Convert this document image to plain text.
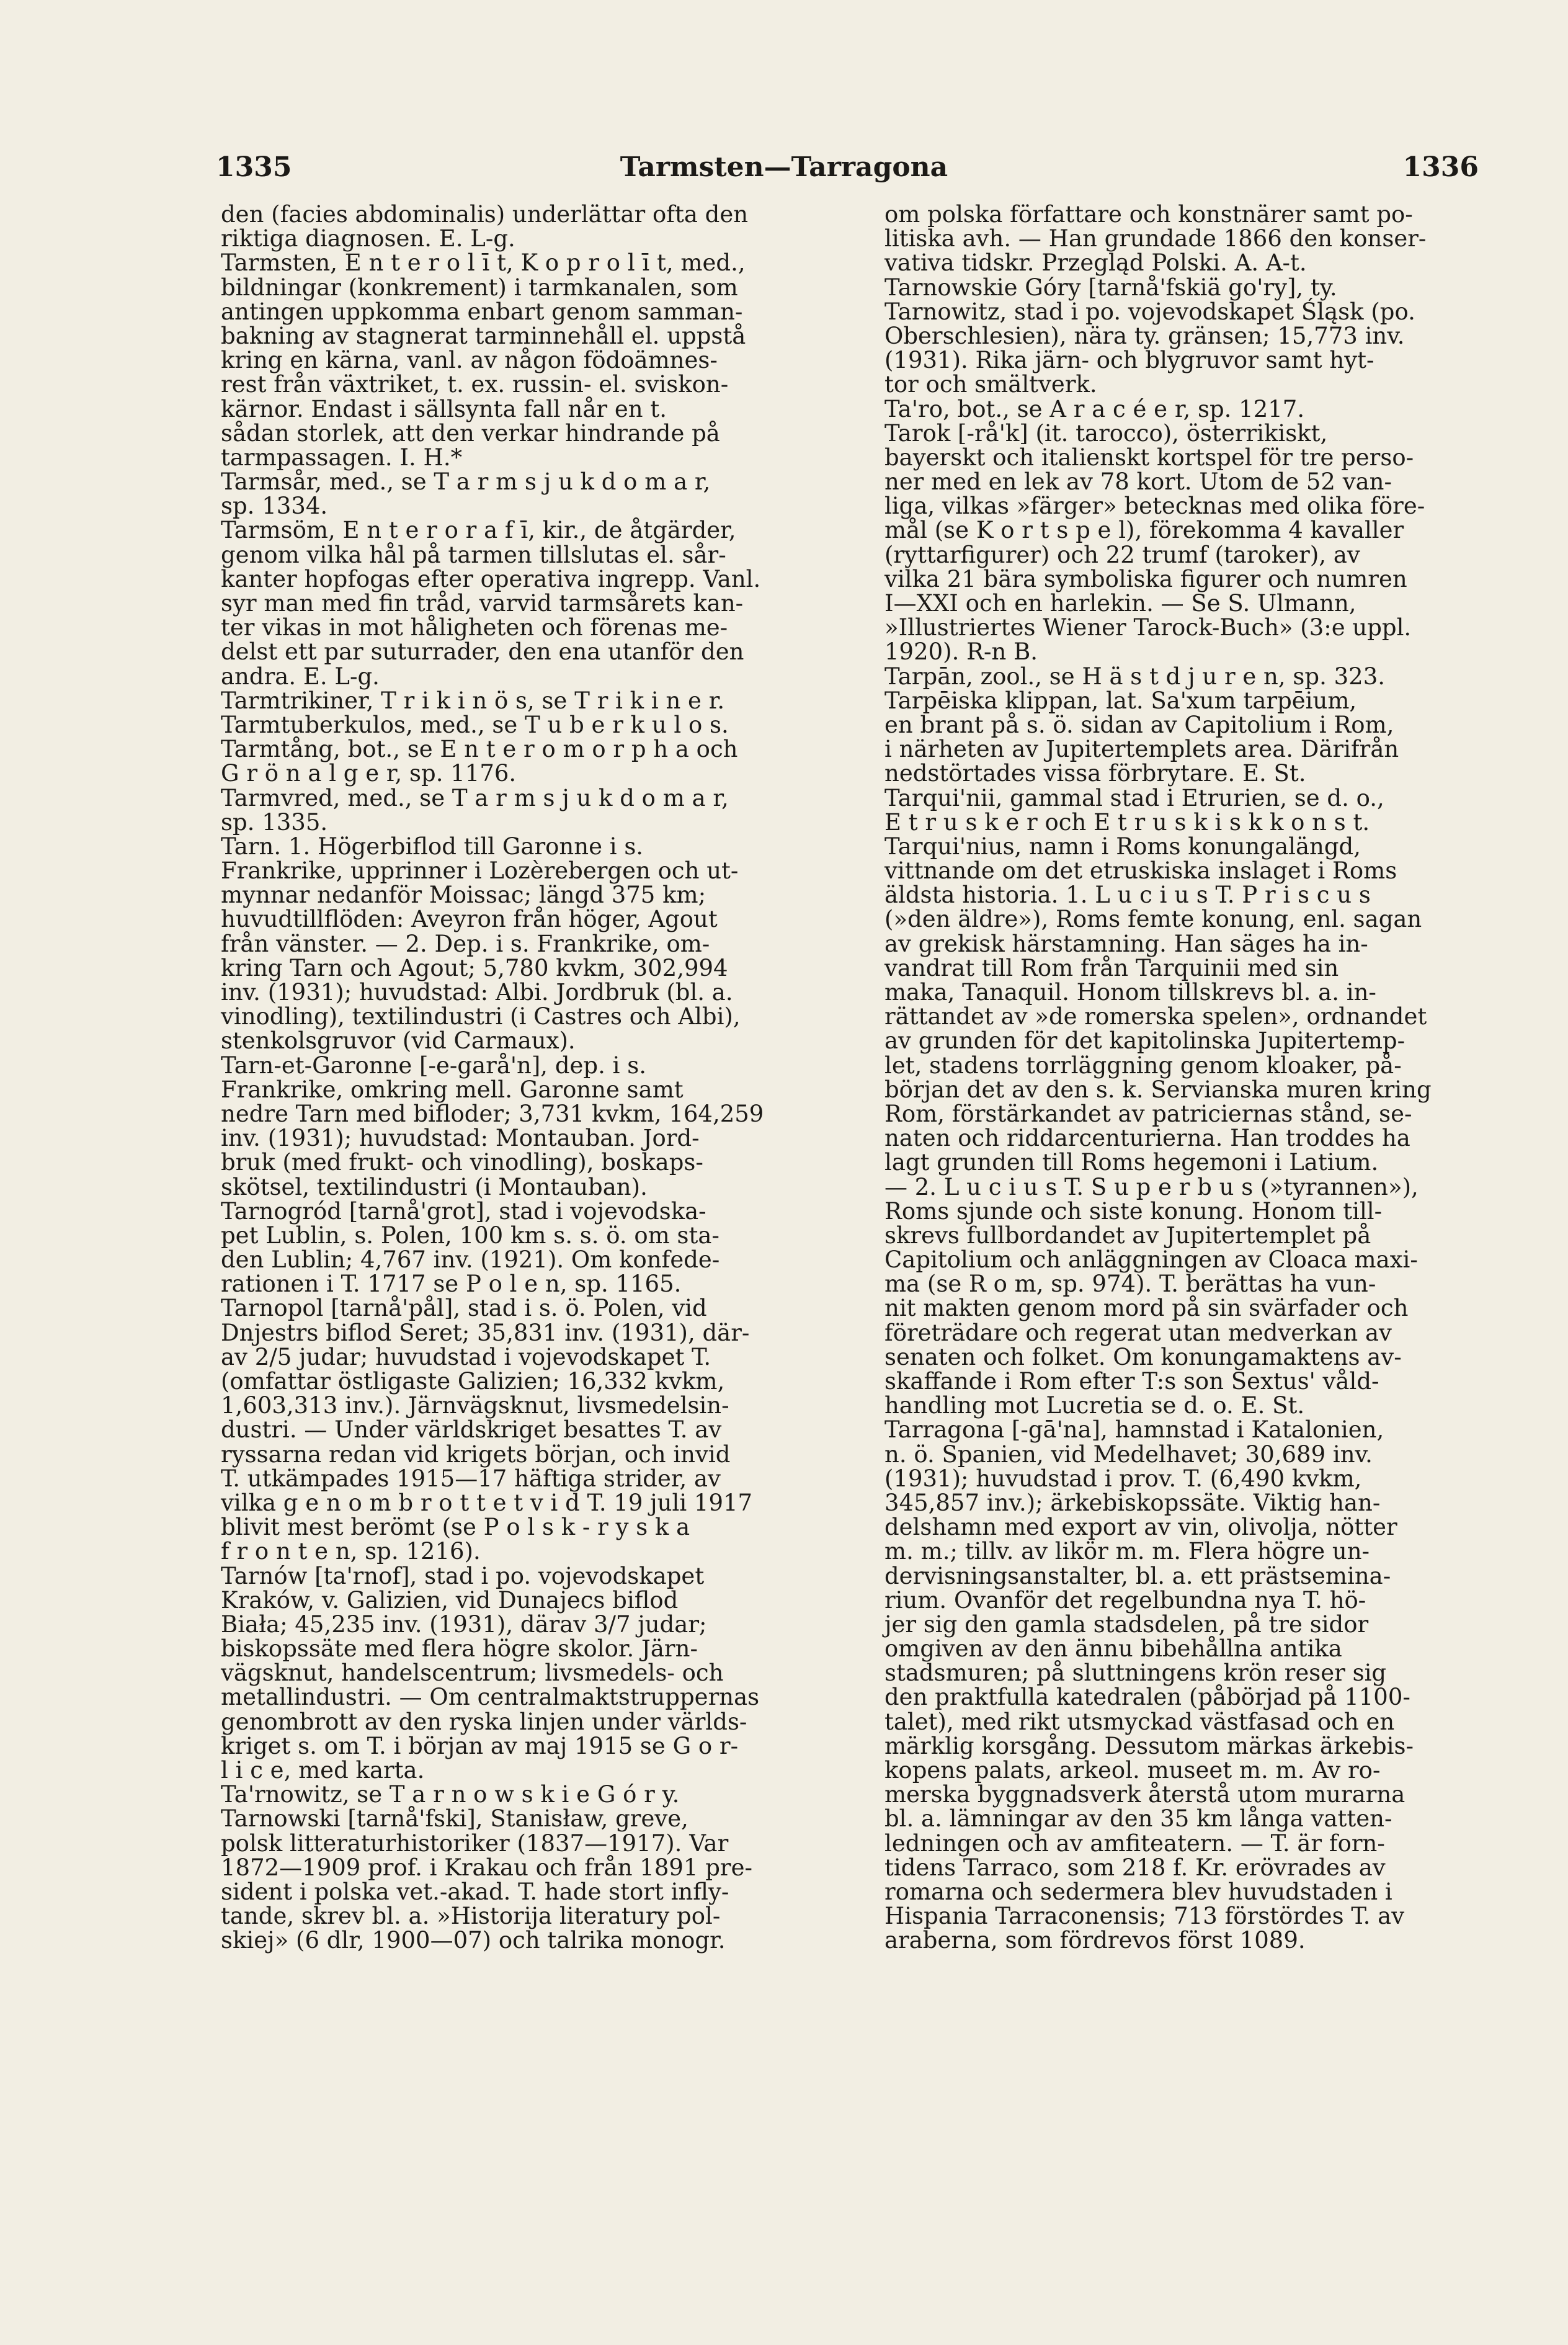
1335	Tarmsten—Tarragona	1336
den (facies abdominalis) underlättar ofta den
riktiga diagnosen. E. L-g.
Tarmsten, E n t e r o l ī t, K o p r o l ī t, med.,
bildningar (konkrement) i tarmkanalen, som
antingen uppkomma enbart genom samman-
bakning av stagnerat tarminnehåll el. uppstå
kring en kärna, vanl. av någon födoämnes-
rest från växtriket, t. ex. russin- el. sviskon-
kärnor. Endast i sällsynta fall når en t.
sådan storlek, att den verkar hindrande på
tarmpassagen. I. H.*
Tarmsår, med., se T a r m s j u k d o m a r,
sp. 1334.
Tarmsöm, E n t e r o r a f ī, kir., de åtgärder,
genom vilka hål på tarmen tillslutas el. sår-
kanter hopfogas efter operativa ingrepp. Vanl.
syr man med fin tråd, varvid tarmsårets kan-
ter vikas in mot håligheten och förenas me-
delst ett par suturrader, den ena utanför den
andra. E. L-g.
Tarmtrikiner, T r i k i n ö s, se T r i k i n e r.
Tarmtuberkulos, med., se T u b e r k u l o s.
Tarmtång, bot., se E n t e r o m o r p h a och
G r ö n a l g e r, sp. 1176.
Tarmvred, med., se T a r m s j u k d o m a r,
sp. 1335.
Tarn. 1. Högerbiflod till Garonne i s.
Frankrike, upprinner i Lozèrebergen och ut-
mynnar nedanför Moissac; längd 375 km;
huvudtillflöden: Aveyron från höger, Agout
från vänster. — 2. Dep. i s. Frankrike, om-
kring Tarn och Agout; 5,780 kvkm, 302,994
inv. (1931); huvudstad: Albi. Jordbruk (bl. a.
vinodling), textilindustri (i Castres och Albi),
stenkolsgruvor (vid Carmaux).
Tarn-et-Garonne [-e-garå'n], dep. i s.
Frankrike, omkring mell. Garonne samt
nedre Tarn med bifloder; 3,731 kvkm, 164,259
inv. (1931); huvudstad: Montauban. Jord-
bruk (med frukt- och vinodling), boskaps-
skötsel, textilindustri (i Montauban).
Tarnogród [tarnå'grot], stad i vojevodska-
pet Lublin, s. Polen, 100 km s. s. ö. om sta-
den Lublin; 4,767 inv. (1921). Om konfede-
rationen i T. 1717 se P o l e n, sp. 1165.
Tarnopol [tarnå'pål], stad i s. ö. Polen, vid
Dnjestrs biflod Seret; 35,831 inv. (1931), där-
av 2/5 judar; huvudstad i vojevodskapet T.
(omfattar östligaste Galizien; 16,332 kvkm,
1,603,313 inv.). Järnvägsknut, livsmedelsin-
dustri. — Under världskriget besattes T. av
ryssarna redan vid krigets början, och invid
T. utkämpades 1915—17 häftiga strider, av
vilka g e n o m b r o t t e t v i d T. 19 juli 1917
blivit mest berömt (se P o l s k - r y s k a
f r o n t e n, sp. 1216).
Tarnów [ta'rnof], stad i po. vojevodskapet
Kraków, v. Galizien, vid Dunajecs biflod
Biała; 45,235 inv. (1931), därav 3/7 judar;
biskopssäte med flera högre skolor. Järn-
vägsknut, handelscentrum; livsmedels- och
metallindustri. — Om centralmaktstruppernas
genombrott av den ryska linjen under världs-
kriget s. om T. i början av maj 1915 se G o r-
l i c e, med karta.
Ta'rnowitz, se T a r n o w s k i e G ó r y.
Tarnowski [tarnå'fski], Stanisław, greve,
polsk litteraturhistoriker (1837—1917). Var
1872—1909 prof. i Krakau och från 1891 pre-
sident i polska vet.-akad. T. hade stort infly-
tande, skrev bl. a. »Historija literatury pol-
skiej» (6 dlr, 1900—07) och talrika monogr.
om polska författare och konstnärer samt po-
litiska avh. — Han grundade 1866 den konser-
vativa tidskr. Przegląd Polski. A. A-t.
Tarnowskie Góry [tarnå'fskiä go'ry], ty.
Tarnowitz, stad i po. vojevodskapet Śląsk (po.
Oberschlesien), nära ty. gränsen; 15,773 inv.
(1931). Rika järn- och blygruvor samt hyt-
tor och smältverk.
Ta'ro, bot., se A r a c é e r, sp. 1217.
Tarok [-rå'k] (it. tarocco), österrikiskt,
bayerskt och italienskt kortspel för tre perso-
ner med en lek av 78 kort. Utom de 52 van-
liga, vilkas »färger» betecknas med olika före-
mål (se K o r t s p e l), förekomma 4 kavaller
(ryttarfigurer) och 22 trumf (taroker), av
vilka 21 bära symboliska figurer och numren
I—XXI och en harlekin. — Se S. Ulmann,
»Illustriertes Wiener Tarock-Buch» (3:e uppl.
1920). R-n B.
Tarpān, zool., se H ä s t d j u r e n, sp. 323.
Tarpēiska klippan, lat. Sa'xum tarpēium,
en brant på s. ö. sidan av Capitolium i Rom,
i närheten av Jupitertemplets area. Därifrån
nedstörtades vissa förbrytare. E. St.
Tarqui'nii, gammal stad i Etrurien, se d. o.,
E t r u s k e r och E t r u s k i s k k o n s t.
Tarqui'nius, namn i Roms konungalängd,
vittnande om det etruskiska inslaget i Roms
äldsta historia. 1. L u c i u s T. P r i s c u s
(»den äldre»), Roms femte konung, enl. sagan
av grekisk härstamning. Han säges ha in-
vandrat till Rom från Tarquinii med sin
maka, Tanaquil. Honom tillskrevs bl. a. in-
rättandet av »de romerska spelen», ordnandet
av grunden för det kapitolinska Jupitertemp-
let, stadens torrläggning genom kloaker, på-
början det av den s. k. Servianska muren kring
Rom, förstärkandet av patriciernas stånd, se-
naten och riddarcenturierna. Han troddes ha
lagt grunden till Roms hegemoni i Latium.
— 2. L u c i u s T. S u p e r b u s (»tyrannen»),
Roms sjunde och siste konung. Honom till-
skrevs fullbordandet av Jupitertemplet på
Capitolium och anläggningen av Cloaca maxi-
ma (se R o m, sp. 974). T. berättas ha vun-
nit makten genom mord på sin svärfader och
företrädare och regerat utan medverkan av
senaten och folket. Om konungamaktens av-
skaffande i Rom efter T:s son Sextus' våld-
handling mot Lucretia se d. o. E. St.
Tarragona [-gā'na], hamnstad i Katalonien,
n. ö. Spanien, vid Medelhavet; 30,689 inv.
(1931); huvudstad i prov. T. (6,490 kvkm,
345,857 inv.); ärkebiskopssäte. Viktig han-
delshamn med export av vin, olivolja, nötter
m. m.; tillv. av likör m. m. Flera högre un-
dervisningsanstalter, bl. a. ett prästsemina-
rium. Ovanför det regelbundna nya T. hö-
jer sig den gamla stadsdelen, på tre sidor
omgiven av den ännu bibehållna antika
stadsmuren; på sluttningens krön reser sig
den praktfulla katedralen (påbörjad på 1100-
talet), med rikt utsmyckad västfasad och en
märklig korsgång. Dessutom märkas ärkebis-
kopens palats, arkeol. museet m. m. Av ro-
merska byggnadsverk återstå utom murarna
bl. a. lämningar av den 35 km långa vatten-
ledningen och av amfiteatern. — T. är forn-
tidens Tarraco, som 218 f. Kr. erövrades av
romarna och sedermera blev huvudstaden i
Hispania Tarraconensis; 713 förstördes T. av
araberna, som fördrevos först 1089.
